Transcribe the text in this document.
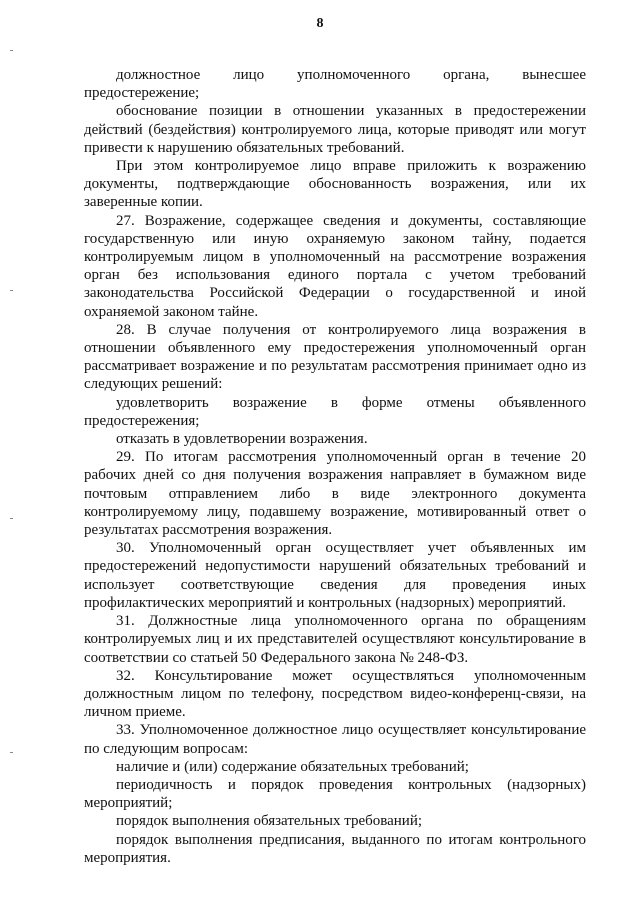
8

должностное лицо уполномоченного органа, вынесшее предостережение;

обоснование позиции в отношении указанных в предостережении действий (бездействия) контролируемого лица, которые приводят или могут привести к нарушению обязательных требований.

При этом контролируемое лицо вправе приложить к возражению документы, подтверждающие обоснованность возражения, или их заверенные копии.

27. Возражение, содержащее сведения и документы, составляющие государственную или иную охраняемую законом тайну, подается контролируемым лицом в уполномоченный на рассмотрение возражения орган без использования единого портала с учетом требований законодательства Российской Федерации о государственной и иной охраняемой законом тайне.

28. В случае получения от контролируемого лица возражения в отношении объявленного ему предостережения уполномоченный орган рассматривает возражение и по результатам рассмотрения принимает одно из следующих решений:

удовлетворить возражение в форме отмены объявленного предостережения;

отказать в удовлетворении возражения.

29. По итогам рассмотрения уполномоченный орган в течение 20 рабочих дней со дня получения возражения направляет в бумажном виде почтовым отправлением либо в виде электронного документа контролируемому лицу, подавшему возражение, мотивированный ответ о результатах рассмотрения возражения.

30. Уполномоченный орган осуществляет учет объявленных им предостережений недопустимости нарушений обязательных требований и использует соответствующие сведения для проведения иных профилактических мероприятий и контрольных (надзорных) мероприятий.

31. Должностные лица уполномоченного органа по обращениям контролируемых лиц и их представителей осуществляют консультирование в соответствии со статьей 50 Федерального закона № 248-ФЗ.

32. Консультирование может осуществляться уполномоченным должностным лицом по телефону, посредством видео-конференц-связи, на личном приеме.

33. Уполномоченное должностное лицо осуществляет консультирование по следующим вопросам:

наличие и (или) содержание обязательных требований;

периодичность и порядок проведения контрольных (надзорных) мероприятий;

порядок выполнения обязательных требований;

порядок выполнения предписания, выданного по итогам контрольного мероприятия.
